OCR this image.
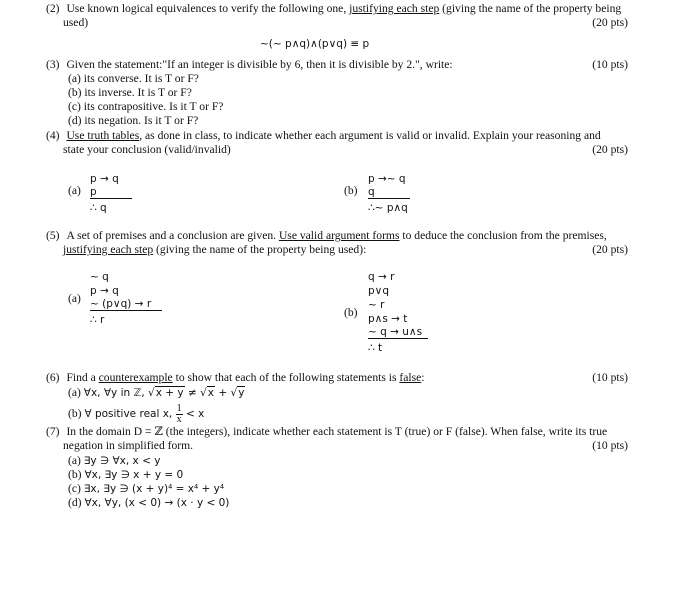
(2) Use known logical equivalences to verify the following one, justifying each step (giving the name of the property being
used)	(20 pts)
~(~ p∧q)∧(p∨q) ≡ p
(3) Given the statement:"If an integer is divisible by 6, then it is divisible by 2.", write:	(10 pts)
(a) its converse. It is T or F?
(b) its inverse. It is T or F?
(c) its contrapositive. Is it T or F?
(d) its negation. Is it T or F?
(4) Use truth tables, as done in class, to indicate whether each argument is valid or invalid. Explain your reasoning and
state your conclusion (valid/invalid)	(20 pts)
(a)
p → q
p
∴ q
(b)
p →~ q
q
∴~ p∧q
(5) A set of premises and a conclusion are given. Use valid argument forms to deduce the conclusion from the premises,
justifying each step (giving the name of the property being used):	(20 pts)
(a)
~ q
p → q
~ (p∨q) → r
∴ r
(b)
q → r
p∨q
~ r
p∧s → t
~ q → u∧s
∴ t
(6) Find a counterexample to show that each of the following statements is false:	(10 pts)
(a) ∀x, ∀y in ℤ, √x + y ≠ √x + √y
(b) ∀ positive real x, $\frac{1}{x} < x$
(7) In the domain D = ℤ (the integers), indicate whether each statement is T (true) or F (false). When false, write its true
negation in simplified form.	(10 pts)
(a) ∃y ∋ ∀x, x < y
(b) ∀x, ∃y ∋ x + y = 0
(c) ∃x, ∃y ∋ (x + y)⁴ = x⁴ + y⁴
(d) ∀x, ∀y, (x < 0) → (x · y < 0)
